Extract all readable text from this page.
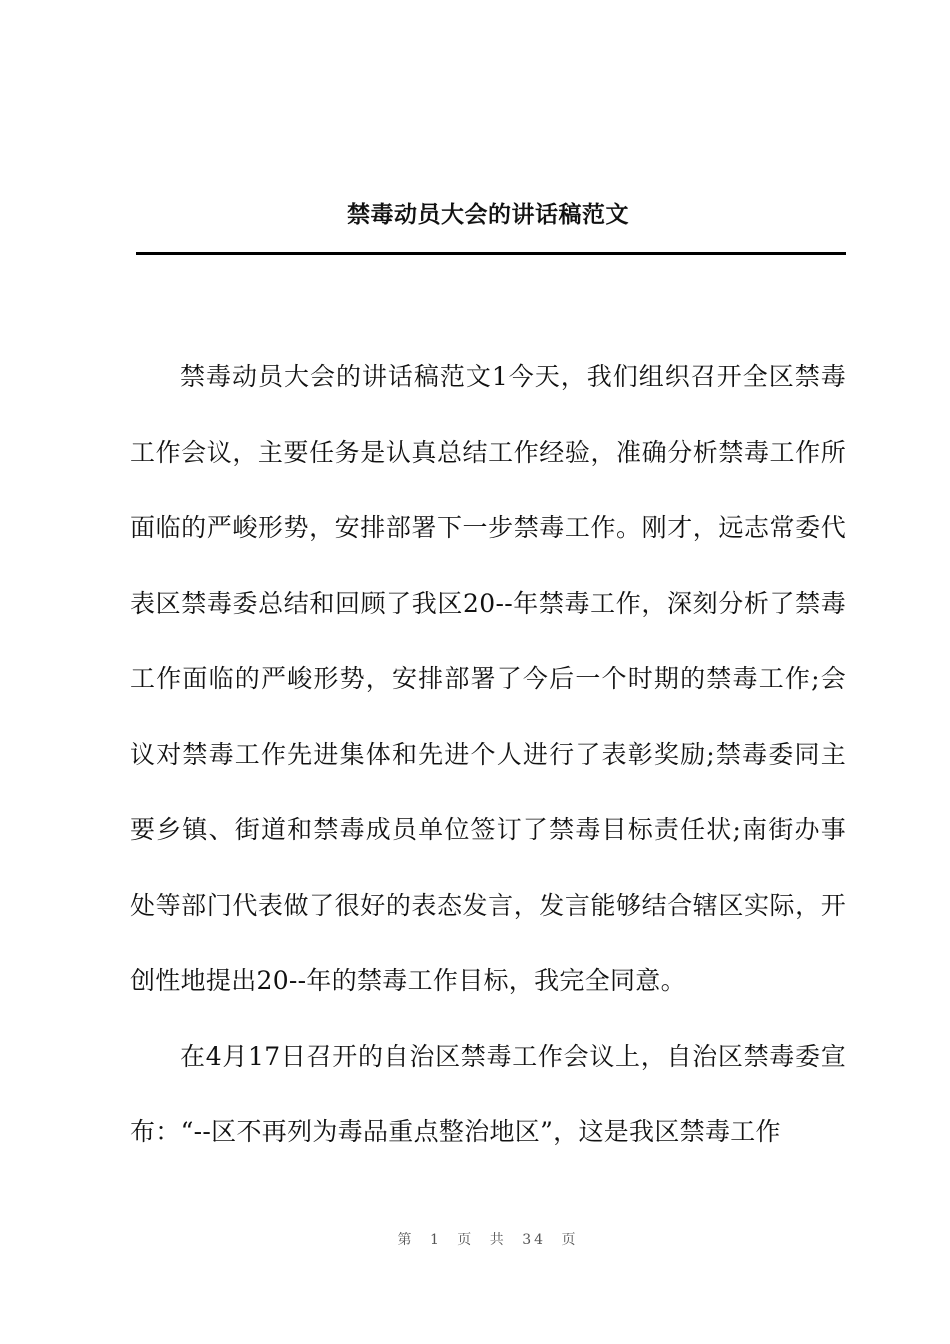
禁毒动员大会的讲话稿范文

禁毒动员大会的讲话稿范文1今天，我们组织召开全区禁毒工作会议，主要任务是认真总结工作经验，准确分析禁毒工作所面临的严峻形势，安排部署下一步禁毒工作。刚才，远志常委代表区禁毒委总结和回顾了我区20--年禁毒工作，深刻分析了禁毒工作面临的严峻形势，安排部署了今后一个时期的禁毒工作;会议对禁毒工作先进集体和先进个人进行了表彰奖励;禁毒委同主要乡镇、街道和禁毒成员单位签订了禁毒目标责任状;南街办事处等部门代表做了很好的表态发言，发言能够结合辖区实际，开创性地提出20--年的禁毒工作目标，我完全同意。

在4月17日召开的自治区禁毒工作会议上，自治区禁毒委宣布：“--区不再列为毒品重点整治地区”，这是我区禁毒工作

第 1 页 共 34 页
